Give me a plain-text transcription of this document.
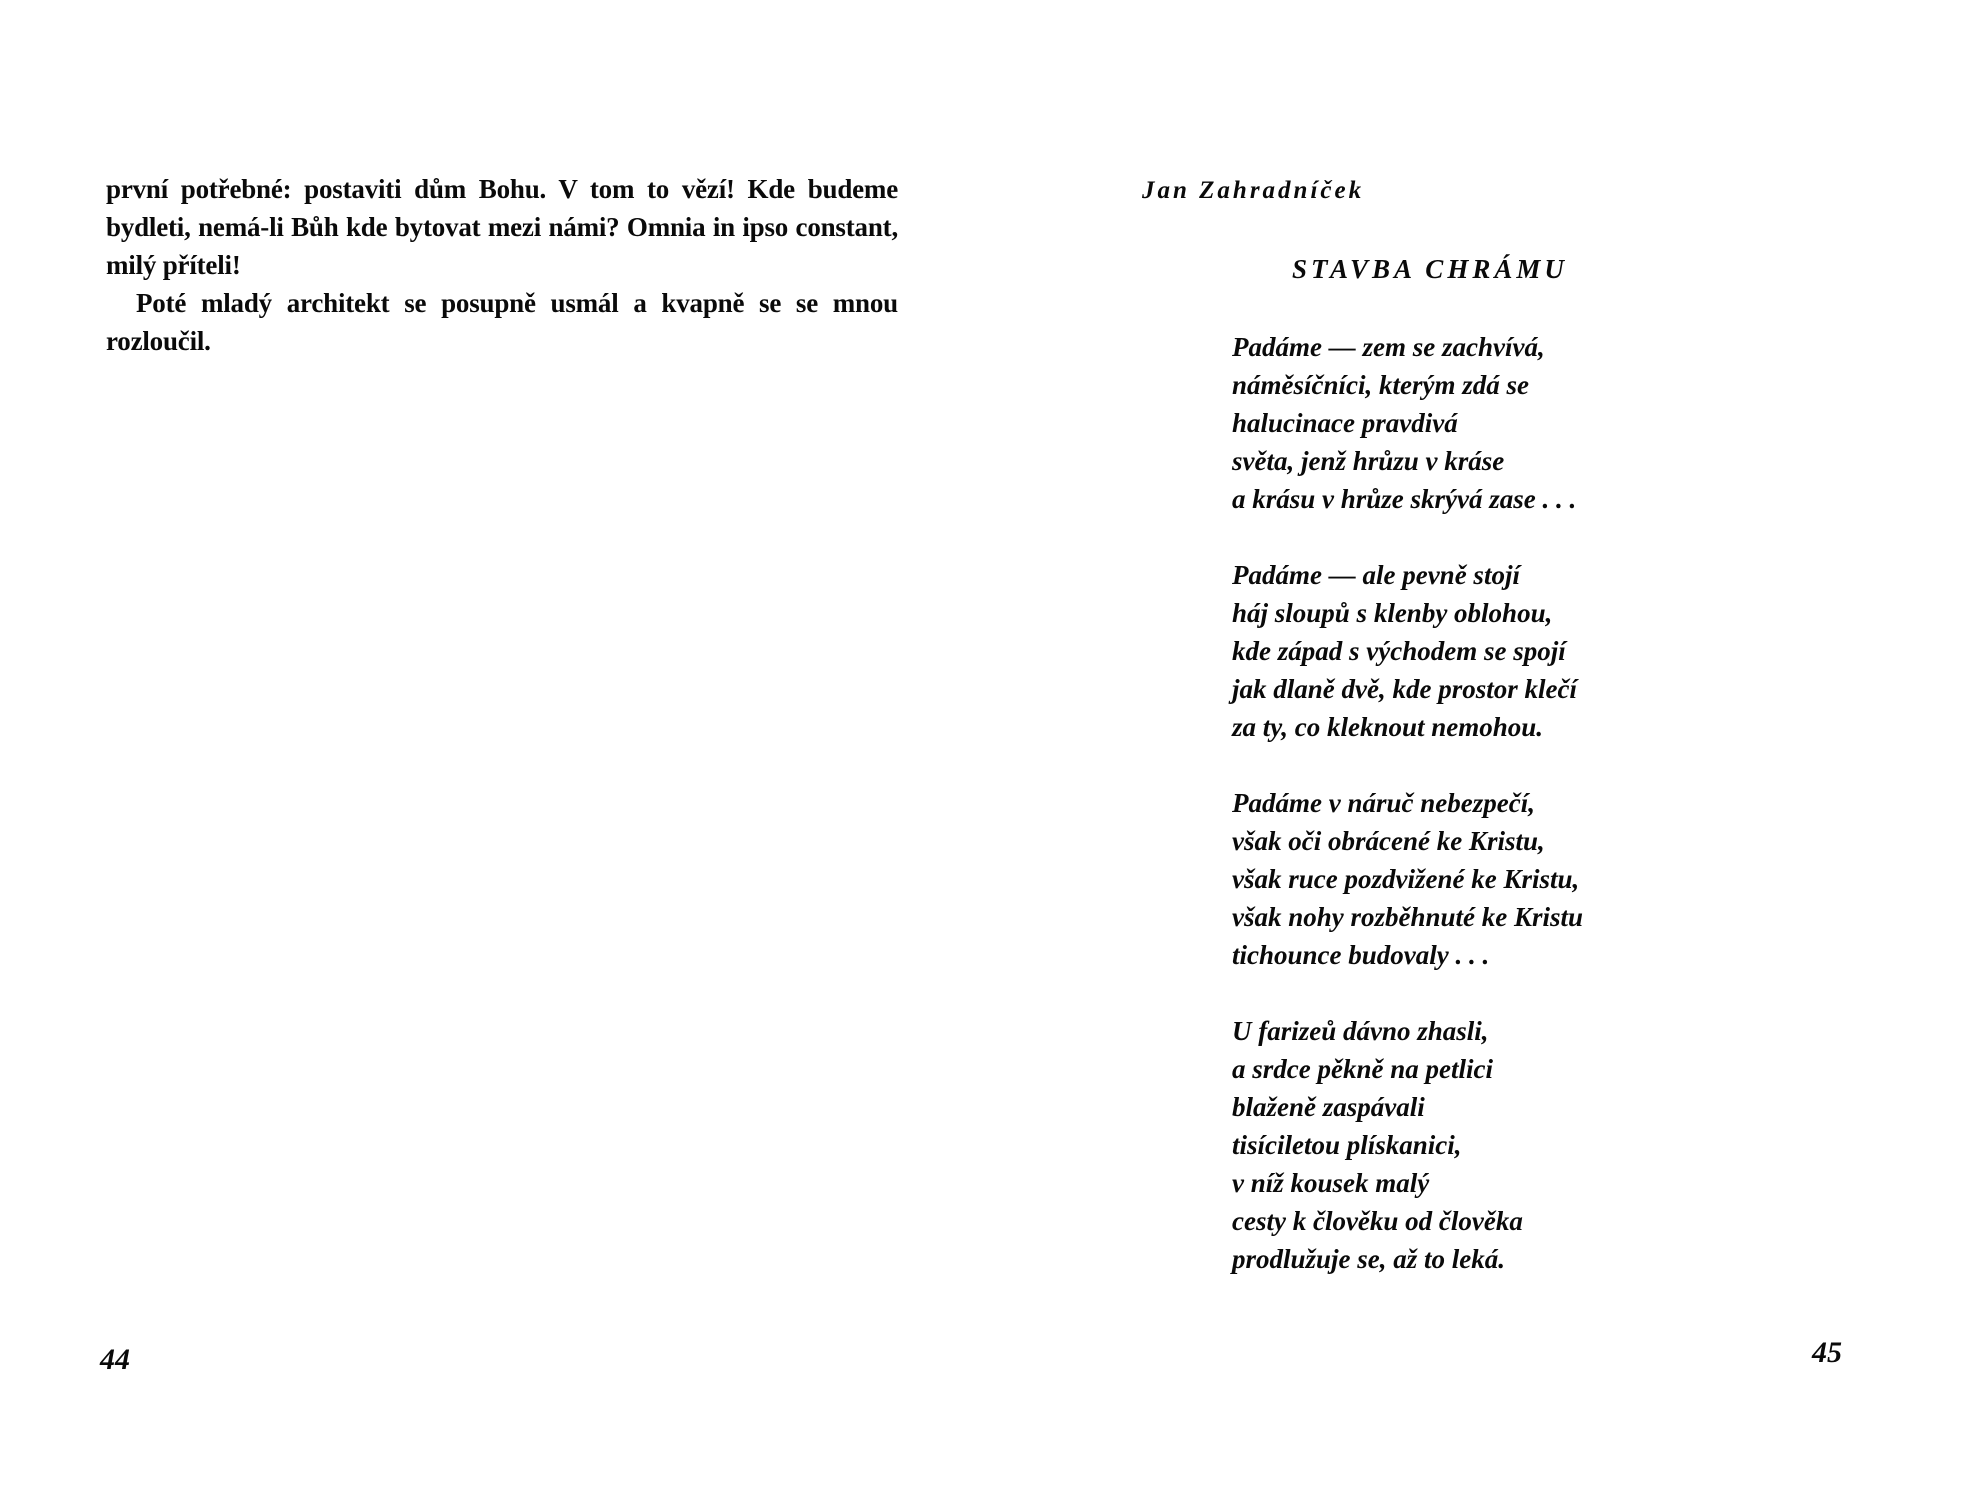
první potřebné: postaviti dům Bohu. V tom to vězí! Kde budeme bydleti, nemá-li Bůh kde bytovat mezi námi? Omnia in ipso constant, milý příteli!

Poté mladý architekt se posupně usmál a kvapně se se mnou rozloučil.

44
Jan Zahradníček
STAVBA CHRÁMU
Padáme — zem se zachvívá,
náměsíčníci, kterým zdá se
halucinace pravdivá
světa, jenž hrůzu v kráse
a krásu v hrůze skrývá zase . . .
Padáme — ale pevně stojí
háj sloupů s klenby oblohou,
kde západ s východem se spojí
jak dlaně dvě, kde prostor klečí
za ty, co kleknout nemohou.
Padáme v náruč nebezpečí,
však oči obrácené ke Kristu,
však ruce pozdvižené ke Kristu,
však nohy rozběhnuté ke Kristu
tichounce budovaly . . .
U farizeů dávno zhasli,
a srdce pěkně na petlici
blaženě zaspávali
tisíciletou plískanici,
v níž kousek malý
cesty k člověku od člověka
prodlužuje se, až to leká.
45
